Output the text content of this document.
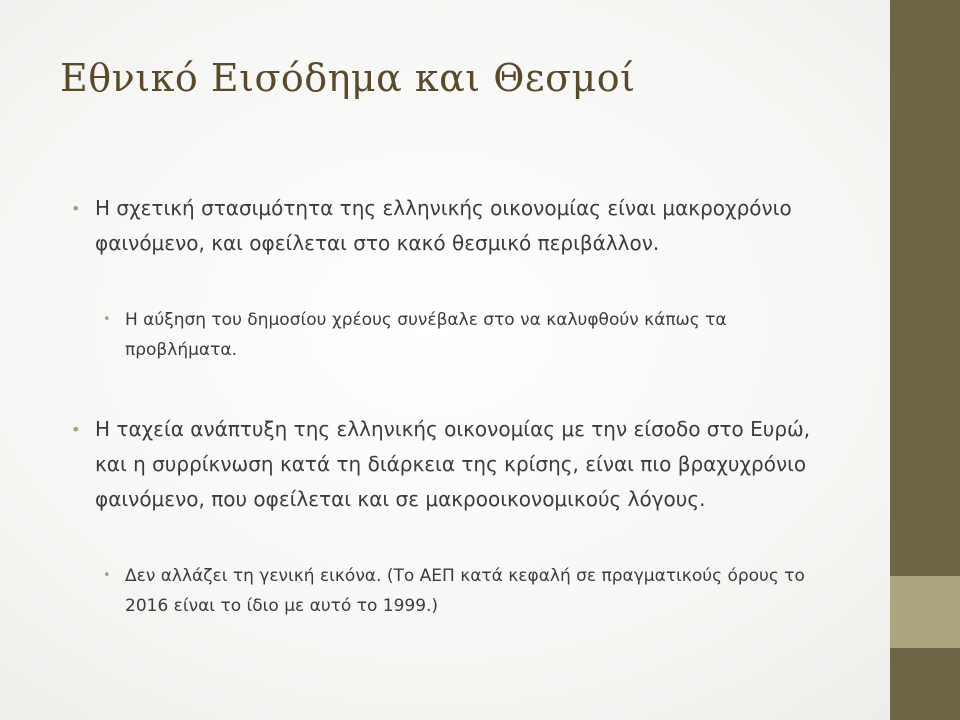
Εθνικό Εισόδημα και Θεσμοί

• Η σχετική στασιμότητα της ελληνικής οικονομίας είναι μακροχρόνιο φαινόμενο, και οφείλεται στο κακό θεσμικό περιβάλλον.

• Η αύξηση του δημοσίου χρέους συνέβαλε στο να καλυφθούν κάπως τα προβλήματα.

• Η ταχεία ανάπτυξη της ελληνικής οικονομίας με την είσοδο στο Ευρώ, και η συρρίκνωση κατά τη διάρκεια της κρίσης, είναι πιο βραχυχρόνιο φαινόμενο, που οφείλεται και σε μακροοικονομικούς λόγους.

• Δεν αλλάζει τη γενική εικόνα. (Το ΑΕΠ κατά κεφαλή σε πραγματικούς όρους το 2016 είναι το ίδιο με αυτό το 1999.)
